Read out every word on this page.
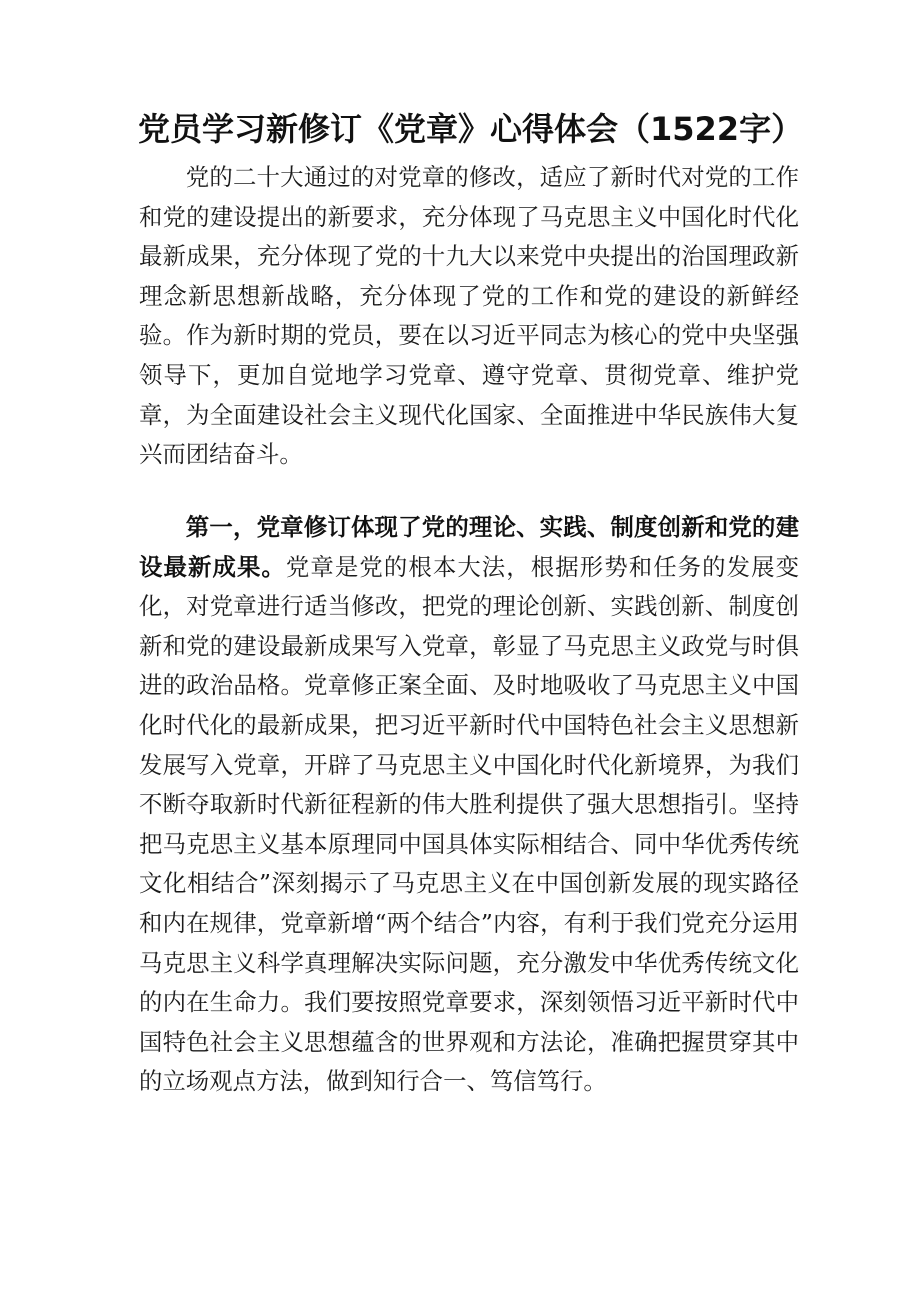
党员学习新修订《党章》心得体会（1522字）

党的二十大通过的对党章的修改，适应了新时代对党的工作和党的建设提出的新要求，充分体现了马克思主义中国化时代化最新成果，充分体现了党的十九大以来党中央提出的治国理政新理念新思想新战略，充分体现了党的工作和党的建设的新鲜经验。作为新时期的党员，要在以习近平同志为核心的党中央坚强领导下，更加自觉地学习党章、遵守党章、贯彻党章、维护党章，为全面建设社会主义现代化国家、全面推进中华民族伟大复兴而团结奋斗。

第一，党章修订体现了党的理论、实践、制度创新和党的建设最新成果。党章是党的根本大法，根据形势和任务的发展变化，对党章进行适当修改，把党的理论创新、实践创新、制度创新和党的建设最新成果写入党章，彰显了马克思主义政党与时俱进的政治品格。党章修正案全面、及时地吸收了马克思主义中国化时代化的最新成果，把习近平新时代中国特色社会主义思想新发展写入党章，开辟了马克思主义中国化时代化新境界，为我们不断夺取新时代新征程新的伟大胜利提供了强大思想指引。坚持把马克思主义基本原理同中国具体实际相结合、同中华优秀传统文化相结合”深刻揭示了马克思主义在中国创新发展的现实路径和内在规律，党章新增“两个结合”内容，有利于我们党充分运用马克思主义科学真理解决实际问题，充分激发中华优秀传统文化的内在生命力。我们要按照党章要求，深刻领悟习近平新时代中国特色社会主义思想蕴含的世界观和方法论，准确把握贯穿其中的立场观点方法，做到知行合一、笃信笃行。
